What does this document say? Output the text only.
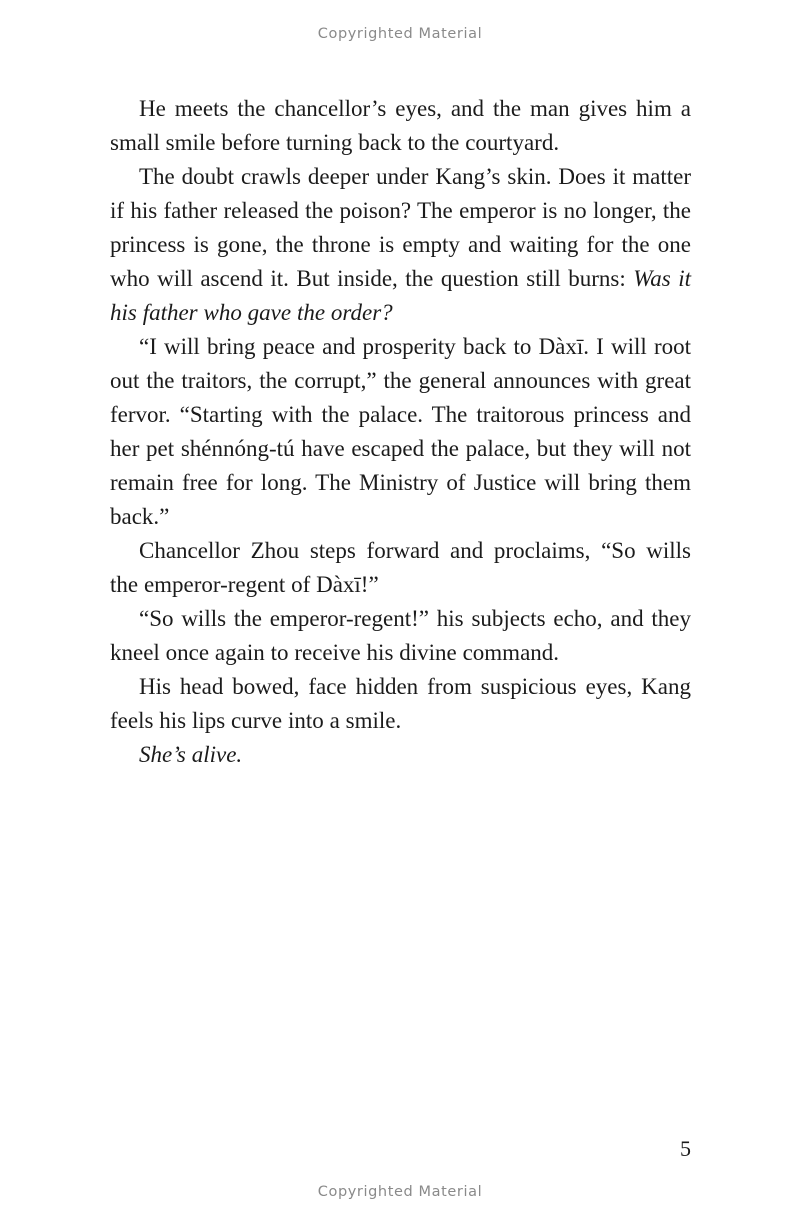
Copyrighted Material

He meets the chancellor’s eyes, and the man gives him a small smile before turning back to the courtyard.

The doubt crawls deeper under Kang’s skin. Does it matter if his father released the poison? The emperor is no longer, the princess is gone, the throne is empty and waiting for the one who will ascend it. But inside, the question still burns: Was it his father who gave the order?

“I will bring peace and prosperity back to Dàxī. I will root out the traitors, the corrupt,” the general announces with great fervor. “Starting with the palace. The traitorous princess and her pet shénnóng-tú have escaped the palace, but they will not remain free for long. The Ministry of Justice will bring them back.”

Chancellor Zhou steps forward and proclaims, “So wills the emperor-regent of Dàxī!”

“So wills the emperor-regent!” his subjects echo, and they kneel once again to receive his divine command.

His head bowed, face hidden from suspicious eyes, Kang feels his lips curve into a smile.

She’s alive.

5
Copyrighted Material
